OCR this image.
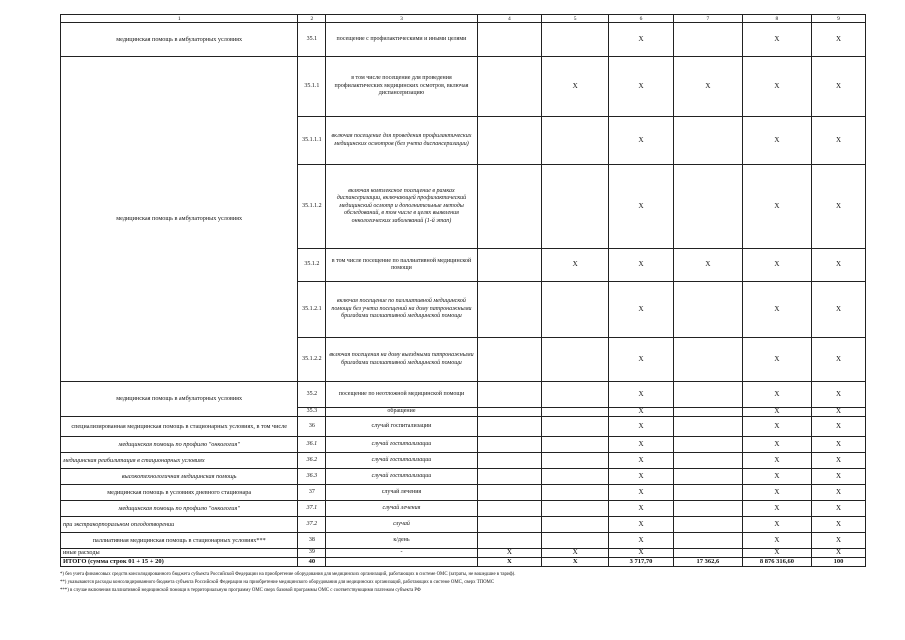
1	2	3	4	5	6	7	8	9
медицинская помощь в амбулаторных условиях	35.1	посещение с профилактическими и иными целями			X		X	X
медицинская помощь в амбулаторных условиях	35.1.1	в том числе посещение для проведения профилактических медицинских осмотров, включая диспансеризацию		X	X	X	X	X
	35.1.1.1	включая посещение для проведения профилактических медицинских осмотров (без учета диспансеризации)			X		X	X
	35.1.1.2	включая комплексное посещение в рамках диспансеризации, включающей профилактический медицинский осмотр и дополнительные методы обследований, в том числе в целях выявления онкологических заболеваний (1-й этап)			X		X	X
	35.1.2	в том числе посещение по паллиативной медицинской помощи		X	X	X	X	X
	35.1.2.1	включая посещение по паллиативной медицинской помощи без учета посещений на дому патронажными бригадами паллиативной медицинской помощи			X		X	X
	35.1.2.2	включая посещения на дому выездными патронажными бригадами паллиативной медицинской помощи			X		X	X
медицинская помощь в амбулаторных условиях	35.2	посещение по неотложной медицинской помощи			X		X	X
	35.3	обращение			X		X	X
специализированная медицинская помощь в стационарных условиях, в том числе	36	случай госпитализации			X		X	X
медицинская помощь по профилю "онкология"	36.1	случай госпитализации			X		X	X
медицинская реабилитация в стационарных условиях	36.2	случай госпитализации			X		X	X
высокотехнологичная медицинская помощь	36.3	случай госпитализации			X		X	X
медицинская помощь в условиях дневного стационара	37	случай лечения			X		X	X
медицинская помощь по профилю "онкология"	37.1	случай лечения			X		X	X
при экстракорпоральном оплодотворении	37.2	случай			X		X	X
паллиативная медицинская помощь в стационарных условиях***	38	к/день			X		X	X
иные расходы	39	-	X	X	X		X	X
ИТОГО (сумма строк 01 + 15 + 20)	40		X	X	3 717,70	17 362,6	8 876 316,60	100
*) без учета финансовых средств консолидированного бюджета субъекта Российской Федерации на приобретение оборудования для медицинских организаций, работающих в системе ОМС (затраты, не вошедшие в тариф).
**) указываются расходы консолидированного бюджета субъекта Российской Федерации на приобретение медицинского оборудования для медицинских организаций, работающих в системе ОМС, сверх ТПОМС
***) в случае включения паллиативной медицинской помощи в территориальную программу ОМС сверх базовой программы ОМС с соответствующими платежом субъекта РФ
